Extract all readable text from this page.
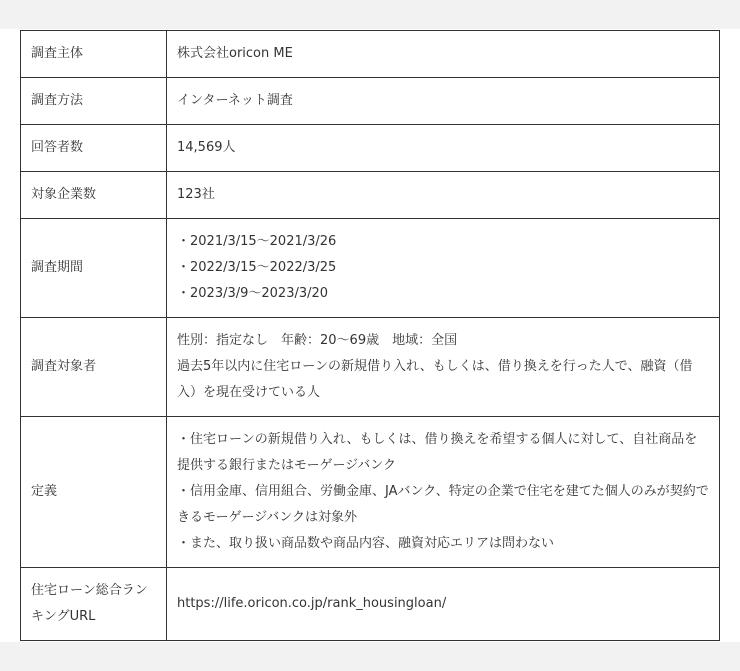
調査主体	株式会社oricon ME
調査方法	インターネット調査
回答者数	14,569人
対象企業数	123社
調査期間	・2021/3/15〜2021/3/26
・2022/3/15〜2022/3/25
・2023/3/9〜2023/3/20

調査対象者	性別：指定なし　年齢：20〜69歳　地域：全国
過去5年以内に住宅ローンの新規借り入れ、もしくは、借り換えを行った人で、融資（借入）を現在受けている人

定義	・住宅ローンの新規借り入れ、もしくは、借り換えを希望する個人に対して、自社商品を提供する銀行またはモーゲージバンク
・信用金庫、信用組合、労働金庫、JAバンク、特定の企業で住宅を建てた個人のみが契約できるモーゲージバンクは対象外
・また、取り扱い商品数や商品内容、融資対応エリアは問わない

住宅ローン総合ランキングURL	https://life.oricon.co.jp/rank_housingloan/
